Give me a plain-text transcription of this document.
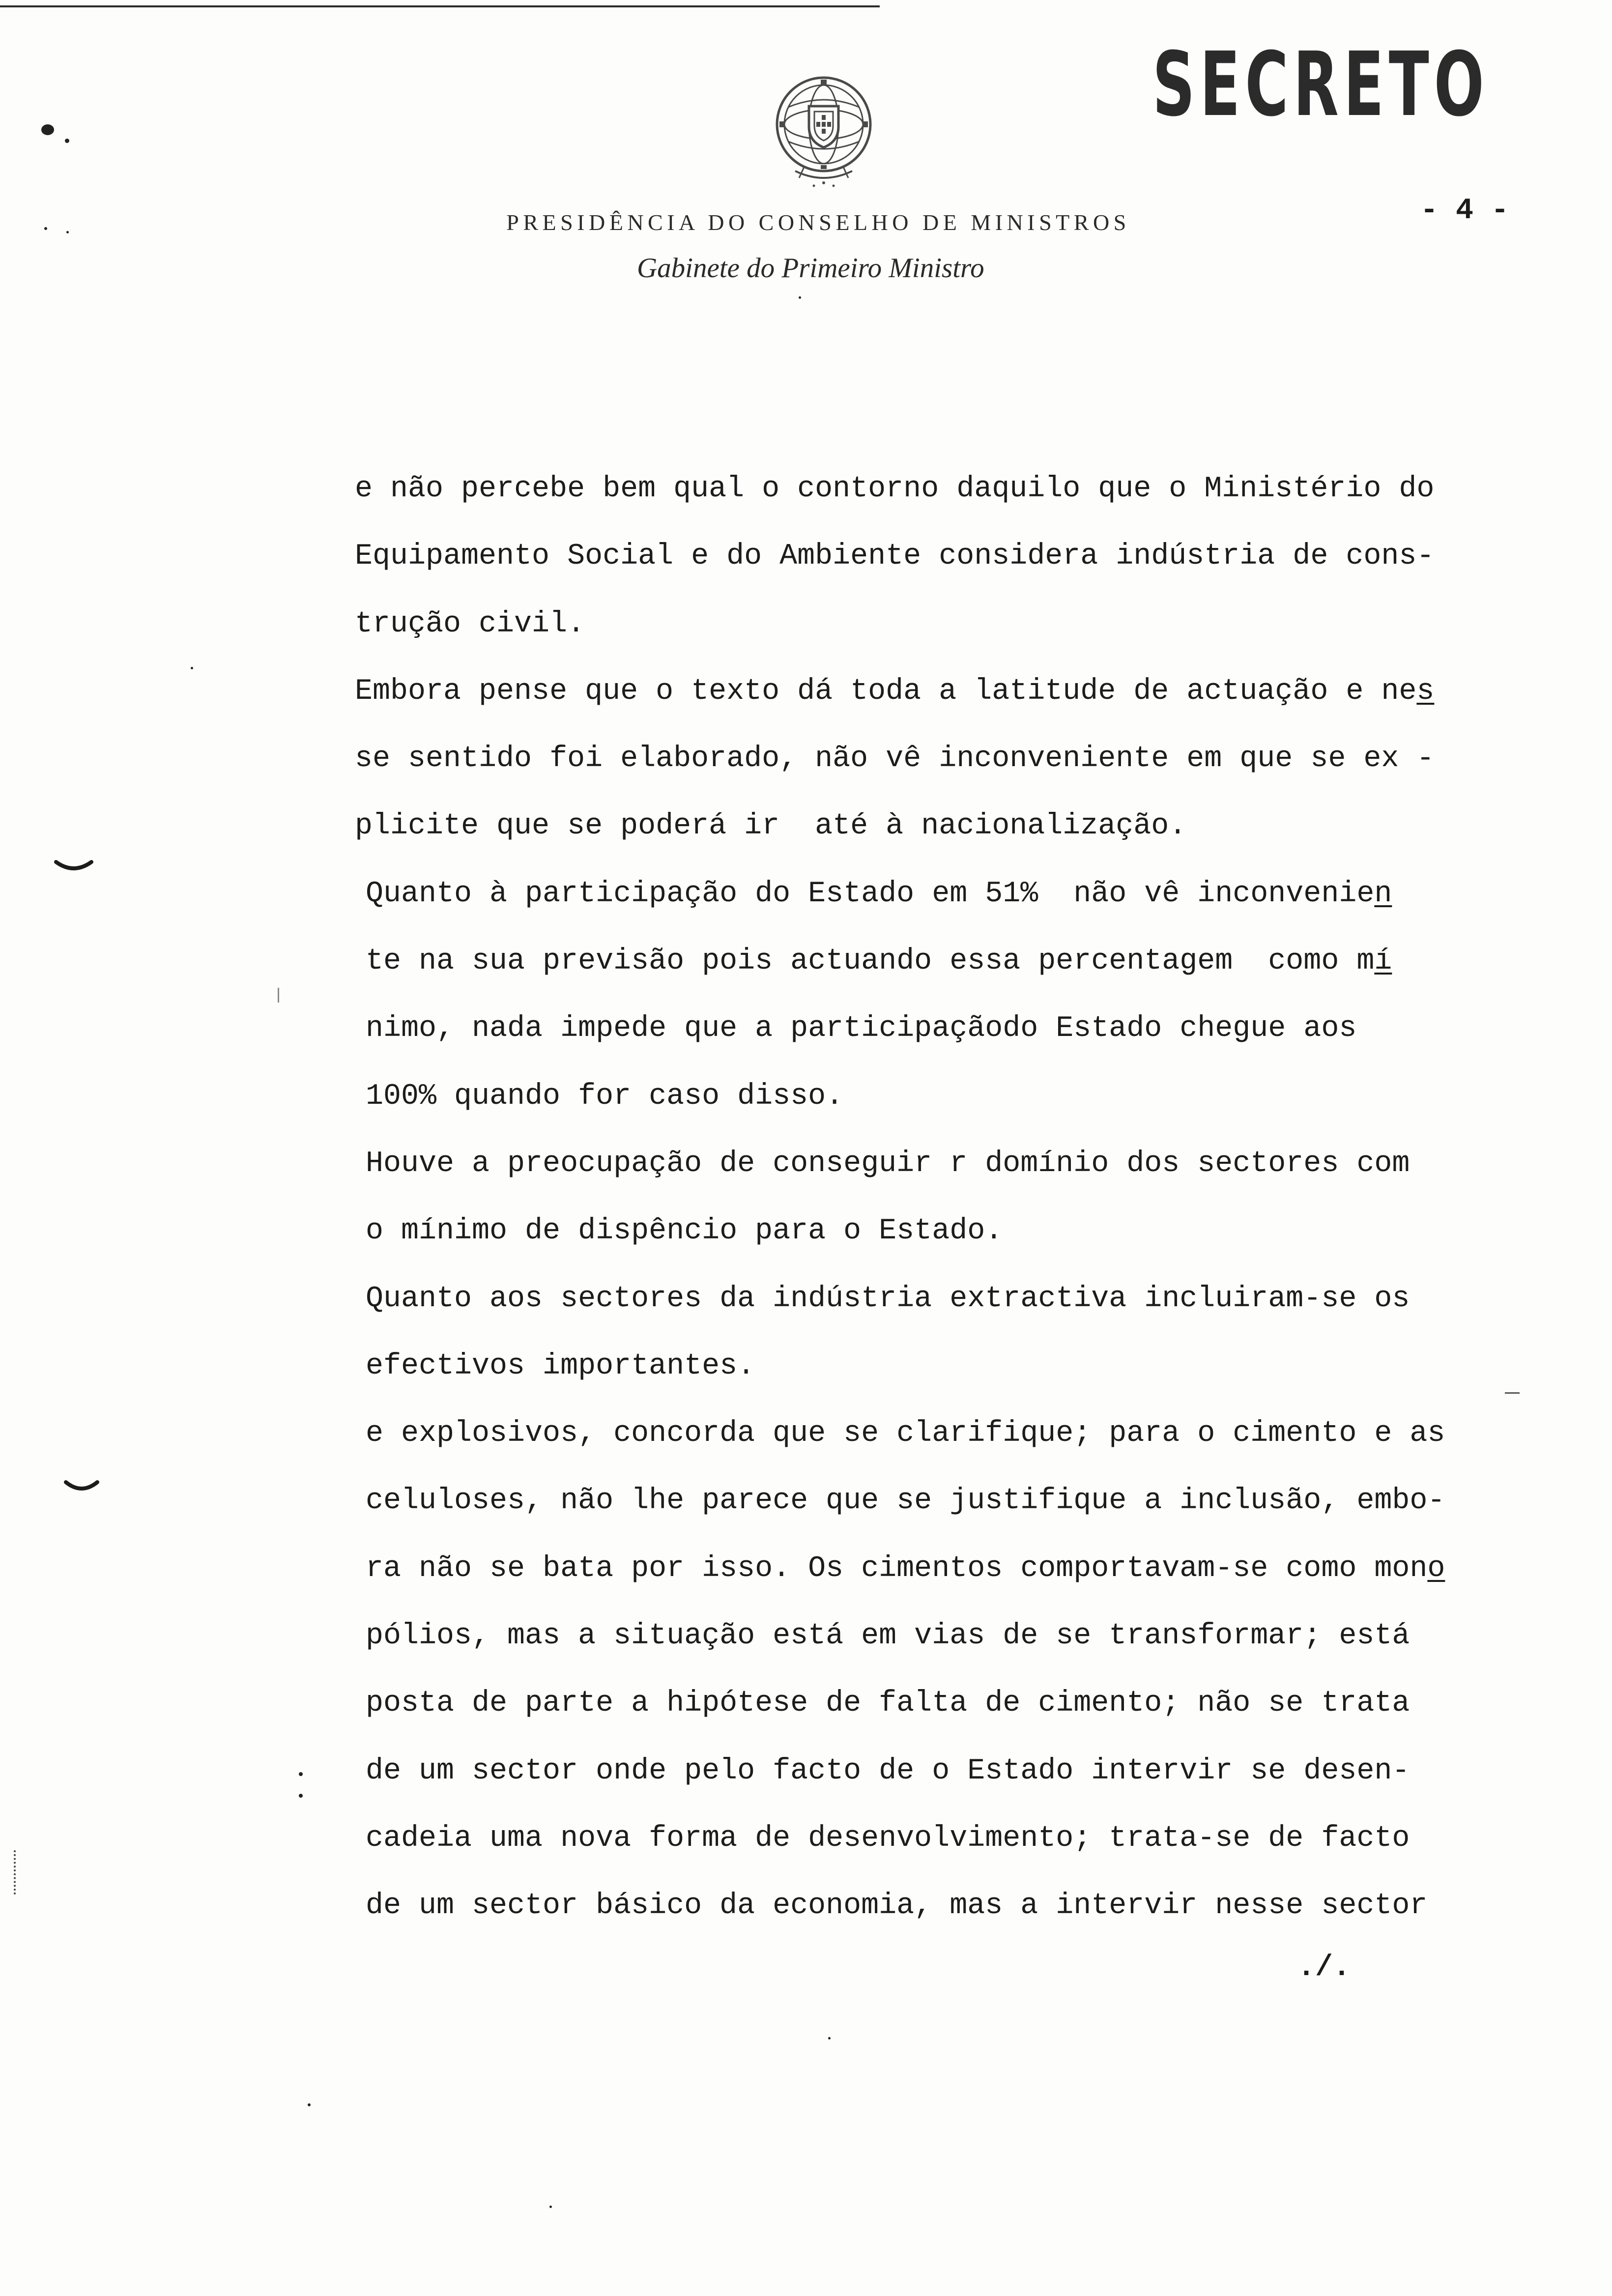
SECRETO
PRESIDÊNCIA DO CONSELHO DE MINISTROS
Gabinete do Primeiro Ministro
- 4 -
e não percebe bem qual o contorno daquilo que o Ministério do
Equipamento Social e do Ambiente considera indústria de cons-
trução civil.
Embora pense que o texto dá toda a latitude de actuação e nes
se sentido foi elaborado, não vê inconveniente em que se ex -
plicite que se poderá ir  até à nacionalização.
Quanto à participação do Estado em 51%  não vê inconvenien
te na sua previsão pois actuando essa percentagem  como mí
nimo, nada impede que a participaçãodo Estado chegue aos
100% quando for caso disso.
Houve a preocupação de conseguir r domínio dos sectores com
o mínimo de dispêncio para o Estado.
Quanto aos sectores da indústria extractiva incluiram-se os
efectivos importantes.
e explosivos, concorda que se clarifique; para o cimento e as
celuloses, não lhe parece que se justifique a inclusão, embo-
ra não se bata por isso. Os cimentos comportavam-se como mono
pólios, mas a situação está em vias de se transformar; está
posta de parte a hipótese de falta de cimento; não se trata
de um sector onde pelo facto de o Estado intervir se desen-
cadeia uma nova forma de desenvolvimento; trata-se de facto
de um sector básico da economia, mas a intervir nesse sector
./.
